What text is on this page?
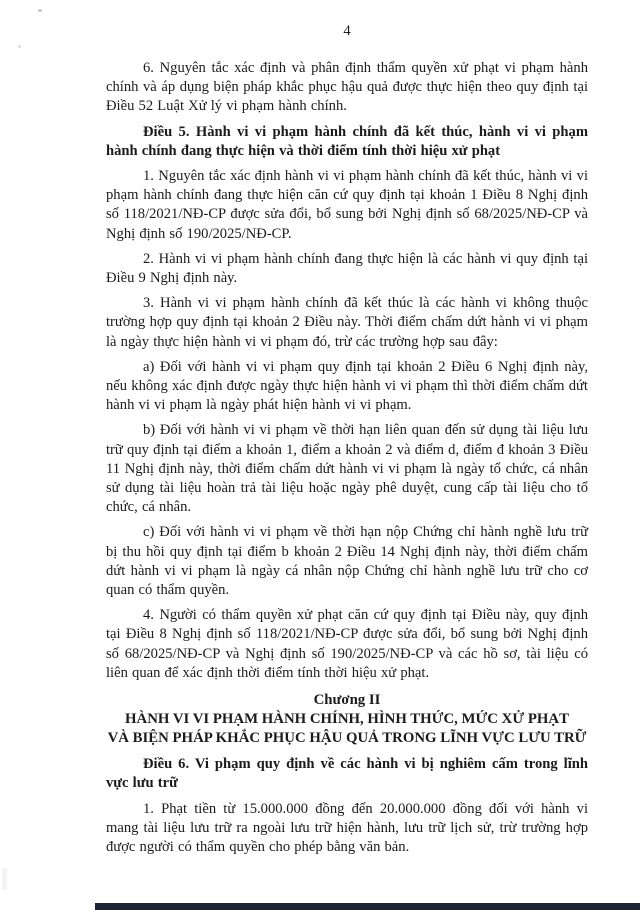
4

6. Nguyên tắc xác định và phân định thẩm quyền xử phạt vi phạm hành chính và áp dụng biện pháp khắc phục hậu quả được thực hiện theo quy định tại Điều 52 Luật Xử lý vi phạm hành chính.

Điều 5. Hành vi vi phạm hành chính đã kết thúc, hành vi vi phạm hành chính đang thực hiện và thời điểm tính thời hiệu xử phạt

1. Nguyên tắc xác định hành vi vi phạm hành chính đã kết thúc, hành vi vi phạm hành chính đang thực hiện căn cứ quy định tại khoản 1 Điều 8 Nghị định số 118/2021/NĐ-CP được sửa đổi, bổ sung bởi Nghị định số 68/2025/NĐ-CP và Nghị định số 190/2025/NĐ-CP.

2. Hành vi vi phạm hành chính đang thực hiện là các hành vi quy định tại Điều 9 Nghị định này.

3. Hành vi vi phạm hành chính đã kết thúc là các hành vi không thuộc trường hợp quy định tại khoản 2 Điều này. Thời điểm chấm dứt hành vi vi phạm là ngày thực hiện hành vi vi phạm đó, trừ các trường hợp sau đây:

a) Đối với hành vi vi phạm quy định tại khoản 2 Điều 6 Nghị định này, nếu không xác định được ngày thực hiện hành vi vi phạm thì thời điểm chấm dứt hành vi vi phạm là ngày phát hiện hành vi vi phạm.

b) Đối với hành vi vi phạm về thời hạn liên quan đến sử dụng tài liệu lưu trữ quy định tại điểm a khoản 1, điểm a khoản 2 và điểm d, điểm đ khoản 3 Điều 11 Nghị định này, thời điểm chấm dứt hành vi vi phạm là ngày tổ chức, cá nhân sử dụng tài liệu hoàn trả tài liệu hoặc ngày phê duyệt, cung cấp tài liệu cho tổ chức, cá nhân.

c) Đối với hành vi vi phạm về thời hạn nộp Chứng chỉ hành nghề lưu trữ bị thu hồi quy định tại điểm b khoản 2 Điều 14 Nghị định này, thời điểm chấm dứt hành vi vi phạm là ngày cá nhân nộp Chứng chỉ hành nghề lưu trữ cho cơ quan có thẩm quyền.

4. Người có thẩm quyền xử phạt căn cứ quy định tại Điều này, quy định tại Điều 8 Nghị định số 118/2021/NĐ-CP được sửa đổi, bổ sung bởi Nghị định số 68/2025/NĐ-CP và Nghị định số 190/2025/NĐ-CP và các hồ sơ, tài liệu có liên quan để xác định thời điểm tính thời hiệu xử phạt.

Chương II
HÀNH VI VI PHẠM HÀNH CHÍNH, HÌNH THỨC, MỨC XỬ PHẠT
VÀ BIỆN PHÁP KHẮC PHỤC HẬU QUẢ TRONG LĨNH VỰC LƯU TRỮ

Điều 6. Vi phạm quy định về các hành vi bị nghiêm cấm trong lĩnh vực lưu trữ

1. Phạt tiền từ 15.000.000 đồng đến 20.000.000 đồng đối với hành vi mang tài liệu lưu trữ ra ngoài lưu trữ hiện hành, lưu trữ lịch sử, trừ trường hợp được người có thẩm quyền cho phép bằng văn bản.
